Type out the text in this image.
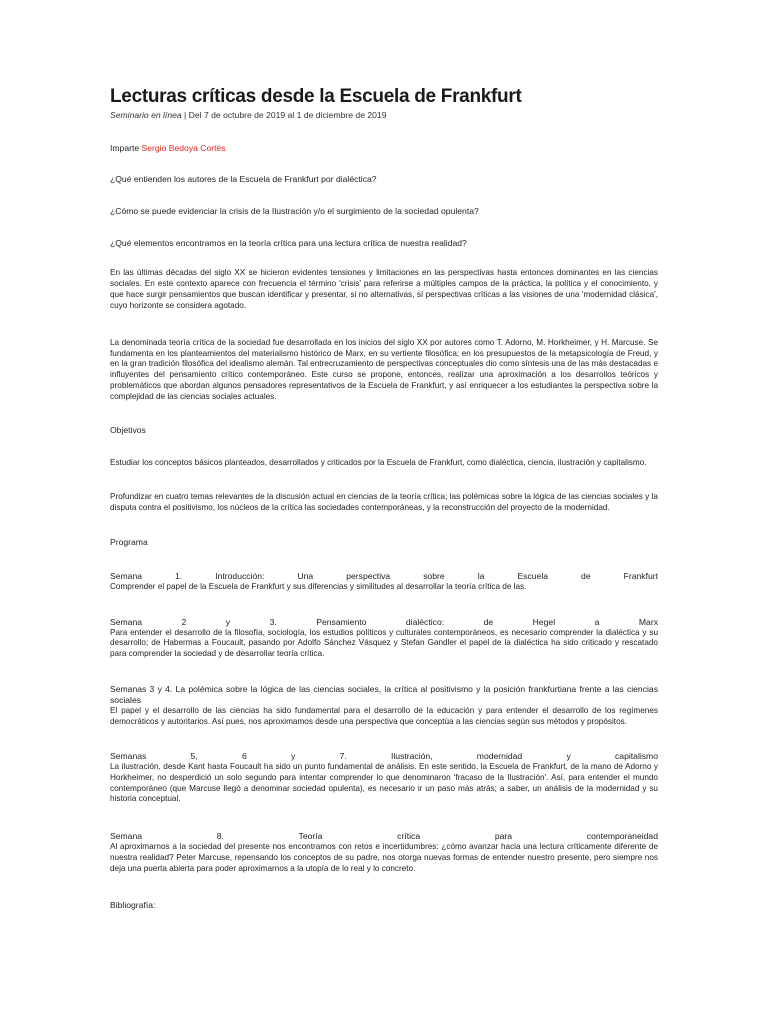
Lecturas críticas desde la Escuela de Frankfurt
Seminario en línea | Del 7 de octubre de 2019 al 1 de diciembre de 2019
Imparte Sergio Bedoya Cortés

¿Qué entienden los autores de la Escuela de Frankfurt por dialéctica?

¿Cómo se puede evidenciar la crisis de la Ilustración y/o el surgimiento de la sociedad opulenta?

¿Qué elementos encontramos en la teoría crítica para una lectura crítica de nuestra realidad?

En las últimas décadas del siglo XX se hicieron evidentes tensiones y limitaciones en las perspectivas hasta entonces dominantes en las ciencias sociales. En este contexto aparece con frecuencia el término 'crisis' para referirse a múltiples campos de la práctica, la política y el conocimiento, y que hace surgir pensamientos que buscan identificar y presentar, si no alternativas, sí perspectivas críticas a las visiones de una 'modernidad clásica', cuyo horizonte se considera agotado.

La denominada teoría crítica de la sociedad fue desarrollada en los inicios del siglo XX por autores como T. Adorno, M. Horkheimer, y H. Marcuse. Se fundamenta en los planteamientos del materialismo histórico de Marx, en su vertiente filosófica; en los presupuestos de la metapsicología de Freud, y en la gran tradición filosófica del idealismo alemán. Tal entrecruzamiento de perspectivas conceptuales dio como síntesis una de las más destacadas e influyentes del pensamiento crítico contemporáneo. Este curso se propone, entonces, realizar una aproximación a los desarrollos teóricos y problemáticos que abordan algunos pensadores representativos de la Escuela de Frankfurt, y así enriquecer a los estudiantes la perspectiva sobre la complejidad de las ciencias sociales actuales.

Objetivos

Estudiar los conceptos básicos planteados, desarrollados y criticados por la Escuela de Frankfurt, como dialéctica, ciencia, ilustración y capitalismo.

Profundizar en cuatro temas relevantes de la discusión actual en ciencias de la teoría crítica; las polémicas sobre la lógica de las ciencias sociales y la disputa contra el positivismo, los núcleos de la crítica las sociedades contemporáneas, y la reconstrucción del proyecto de la modernidad.

Programa

Semana 1. Introducción: Una perspectiva sobre la Escuela de Frankfurt
Comprender el papel de la Escuela de Frankfurt y sus diferencias y similitudes al desarrollar la teoría crítica de las.
Semana 2 y 3. Pensamiento dialéctico: de Hegel a Marx
Para entender el desarrollo de la filosofía, sociología, los estudios políticos y culturales contemporáneos, es necesario comprender la dialéctica y su desarrollo; de Habermas a Foucault, pasando por Adolfo Sánchez Vásquez y Stefan Gandler el papel de la dialéctica ha sido criticado y rescatado para comprender la sociedad y de desarrollar teoría crítica.
Semanas 3 y 4. La polémica sobre la lógica de las ciencias sociales, la crítica al positivismo y la posición frankfurtiana frente a las ciencias sociales
El papel y el desarrollo de las ciencias ha sido fundamental para el desarrollo de la educación y para entender el desarrollo de los regímenes democráticos y autoritarios. Así pues, nos aproximamos desde una perspectiva que conceptúa a las ciencias según sus métodos y propósitos.
Semanas 5, 6 y 7. Ilustración, modernidad y capitalismo
La ilustración, desde Kant hasta Foucault ha sido un punto fundamental de análisis. En este sentido, la Escuela de Frankfurt, de la mano de Adorno y Horkheimer, no desperdició un solo segundo para intentar comprender lo que denominaron 'fracaso de la Ilustración'. Así, para entender el mundo contemporáneo (que Marcuse llegó a denominar sociedad opulenta), es necesario ir un paso más atrás; a saber, un análisis de la modernidad y su historia conceptual.
Semana 8. Teoría crítica para contemporaneidad
Al aproximarnos a la sociedad del presente nos encontramos con retos e incertidumbres: ¿cómo avanzar hacia una lectura críticamente diferente de nuestra realidad? Peter Marcuse, repensando los conceptos de su padre, nos otorga nuevas formas de entender nuestro presente, pero siempre nos deja una puerta abierta para poder aproximarnos a la utopía de lo real y lo concreto.

Bibliografía:
